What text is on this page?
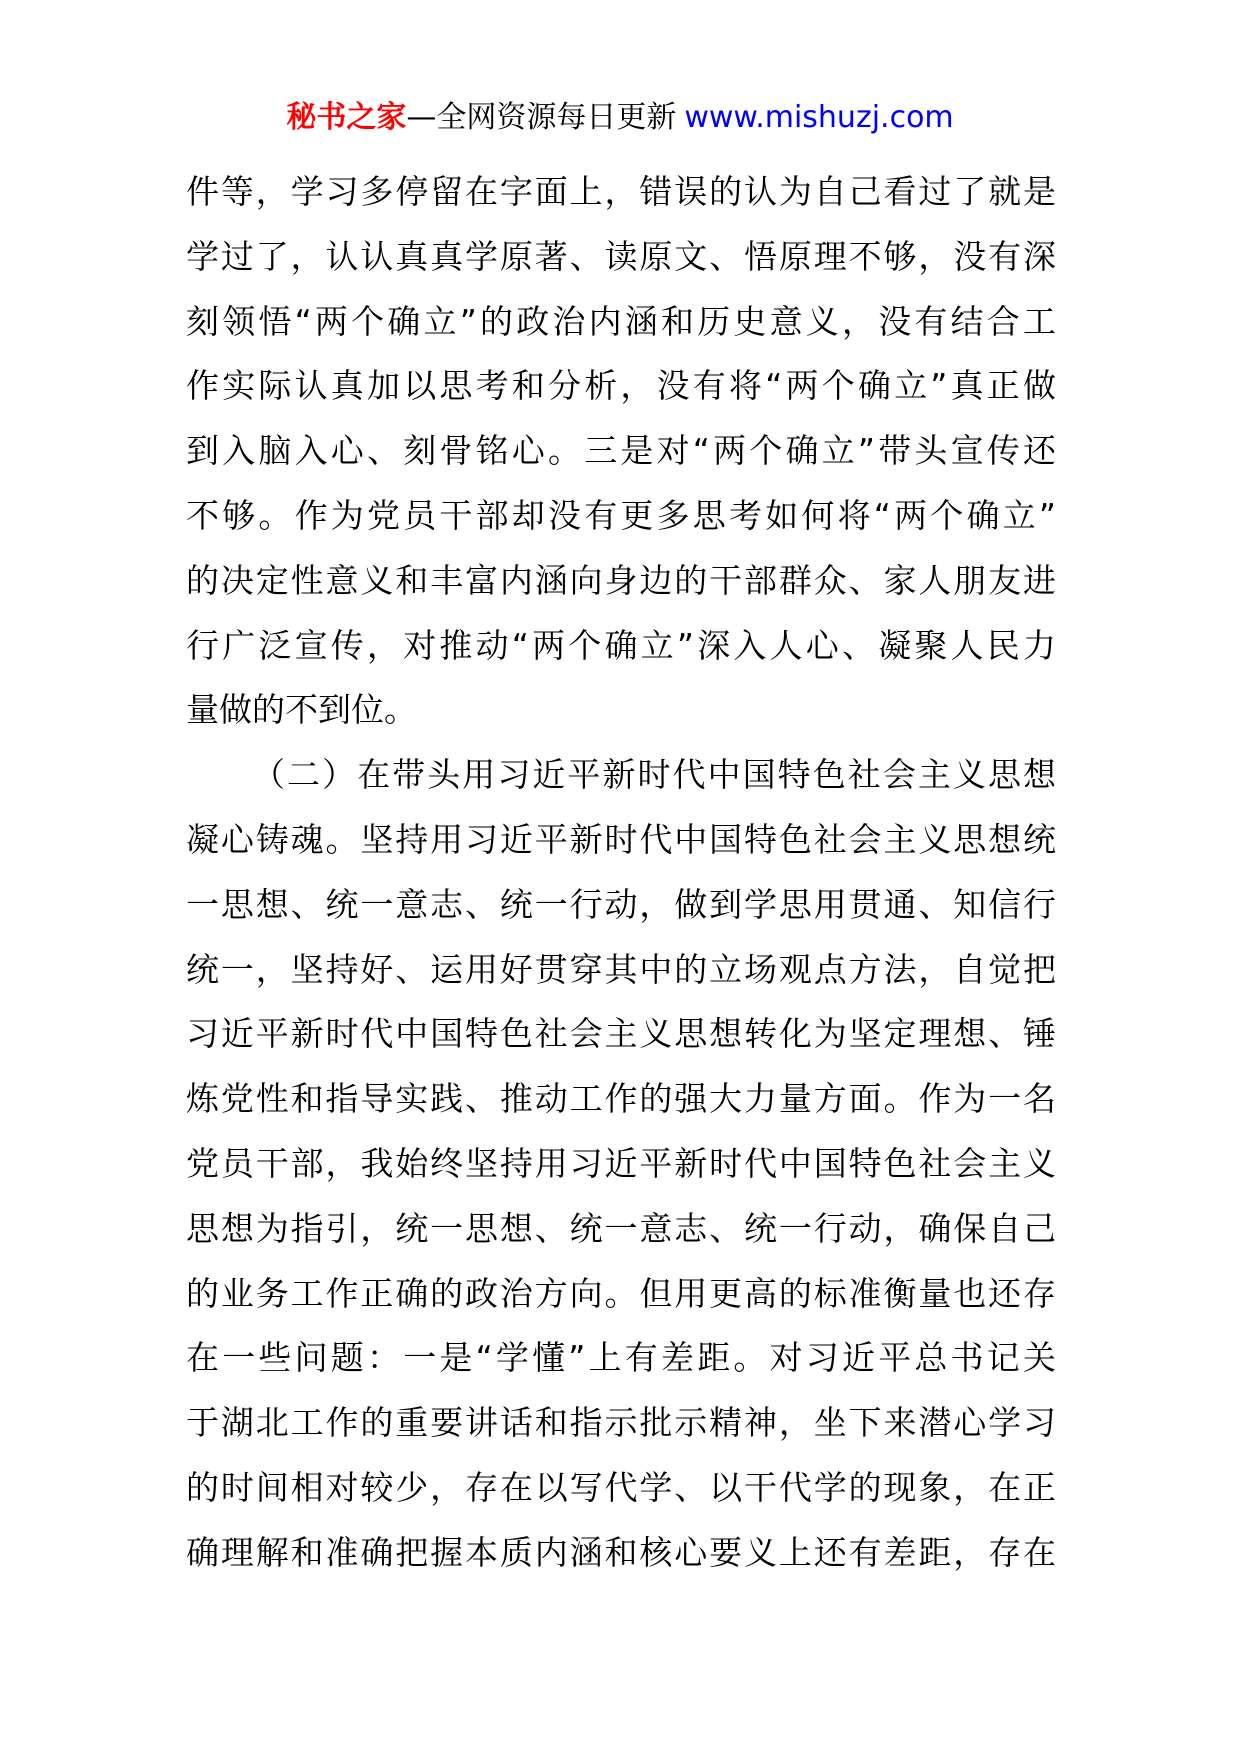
秘书之家—全网资源每日更新 www.mishuzj.com
件等，学习多停留在字面上，错误的认为自己看过了就是
学过了，认认真真学原著、读原文、悟原理不够，没有深
刻领悟“两个确立”的政治内涵和历史意义，没有结合工
作实际认真加以思考和分析，没有将“两个确立”真正做
到入脑入心、刻骨铭心。三是对“两个确立”带头宣传还
不够。作为党员干部却没有更多思考如何将“两个确立”
的决定性意义和丰富内涵向身边的干部群众、家人朋友进
行广泛宣传，对推动“两个确立”深入人心、凝聚人民力
量做的不到位。
（二）在带头用习近平新时代中国特色社会主义思想
凝心铸魂。坚持用习近平新时代中国特色社会主义思想统
一思想、统一意志、统一行动，做到学思用贯通、知信行
统一，坚持好、运用好贯穿其中的立场观点方法，自觉把
习近平新时代中国特色社会主义思想转化为坚定理想、锤
炼党性和指导实践、推动工作的强大力量方面。作为一名
党员干部，我始终坚持用习近平新时代中国特色社会主义
思想为指引，统一思想、统一意志、统一行动，确保自己
的业务工作正确的政治方向。但用更高的标准衡量也还存
在一些问题：一是“学懂”上有差距。对习近平总书记关
于湖北工作的重要讲话和指示批示精神，坐下来潜心学习
的时间相对较少，存在以写代学、以干代学的现象，在正
确理解和准确把握本质内涵和核心要义上还有差距，存在
